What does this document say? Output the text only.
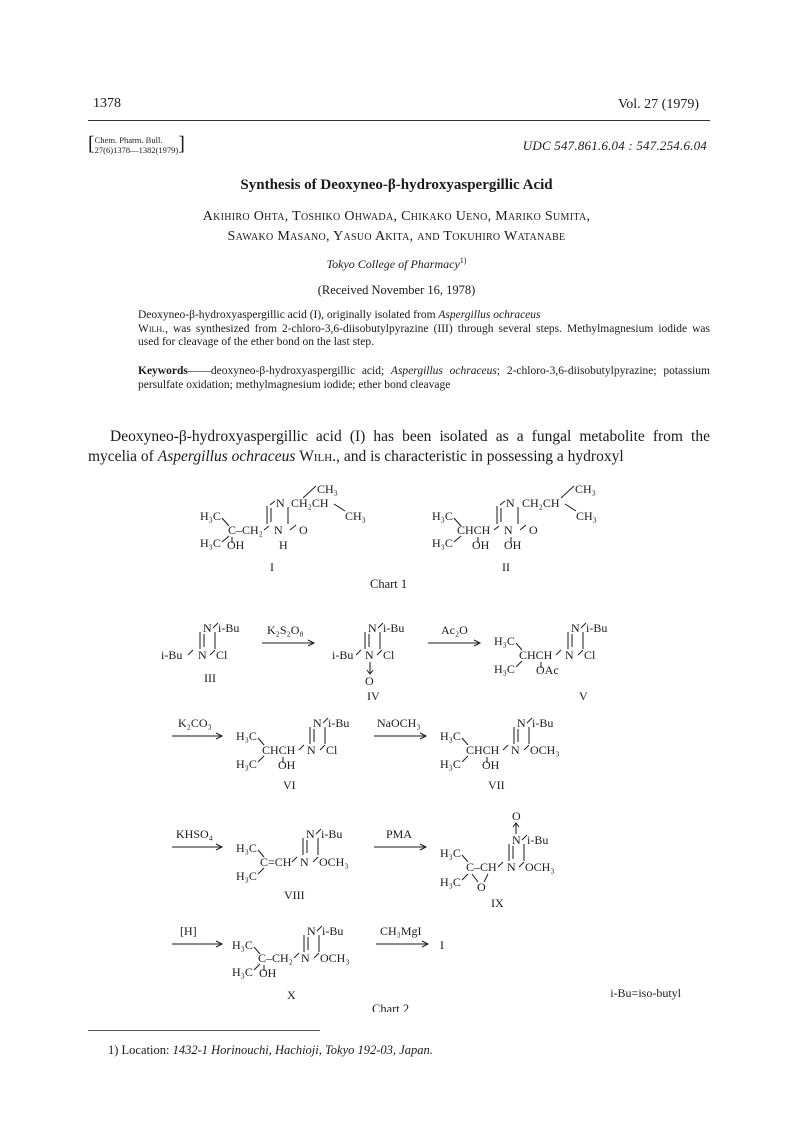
1378	Vol. 27 (1979)
[ Chem. Pharm. Bull.
27(6)1378—1382(1979) ]	UDC 547.861.6.04 : 547.254.6.04
Synthesis of Deoxyneo-β-hydroxyaspergillic Acid
Akihiro Ohta, Toshiko Ohwada, Chikako Ueno, Mariko Sumita,
Sawako Masano, Yasuo Akita, and Tokuhiro Watanabe
Tokyo College of Pharmacy$^{1)}$
(Received November 16, 1978)
Deoxyneo-β-hydroxyaspergillic acid (I), originally isolated from Aspergillus ochraceus
Wilh., was synthesized from 2-chloro-3,6-diisobutylpyrazine (III) through several steps. Methylmagnesium iodide was used for cleavage of the ether bond on the last step.
Keywords——deoxyneo-β-hydroxyaspergillic acid; Aspergillus ochraceus; 2-chloro-3,6-diisobutylpyrazine; potassium persulfate oxidation; methylmagnesium iodide; ether bond cleavage
Deoxyneo-β-hydroxyaspergillic acid (I) has been isolated as a fungal metabolite from the mycelia of Aspergillus ochraceus Wilh., and is characteristic in possessing a hydroxyl
CH₃
N CH₂CH
CH₃
H₃C
C–CH₂ N O
H₃C OH	H
I
CH₃
N CH₂CH
CH₃
H₃C
CHCH N O
H₃C OH OH
II
Chart 1
N i-Bu
i-Bu N Cl
III
K₂S₂O₈	N i-Bu
i-Bu N Cl
O
IV
Ac₂O	N i-Bu
H₃C
CHCH N Cl
H₃C OAc
V
K₂CO₃	N i-Bu
H₃C
CHCH N Cl
H₃C OH
VI
NaOCH₃	N i-Bu
H₃C
CHCH N OCH₃
H₃C OH
VII
KHSO₄	N i-Bu
H₃C
C=CH N OCH₃
H₃C
VIII
PMA
O
N i-Bu
H₃C
C–CH N OCH₃
H₃C O
IX
[H]	N i-Bu
H₃C
C–CH₂ N OCH₃
H₃C OH
X
CH₃MgI
I
Chart 2
i-Bu=iso-butyl
1) Location: 1432-1 Horinouchi, Hachioji, Tokyo 192-03, Japan.
